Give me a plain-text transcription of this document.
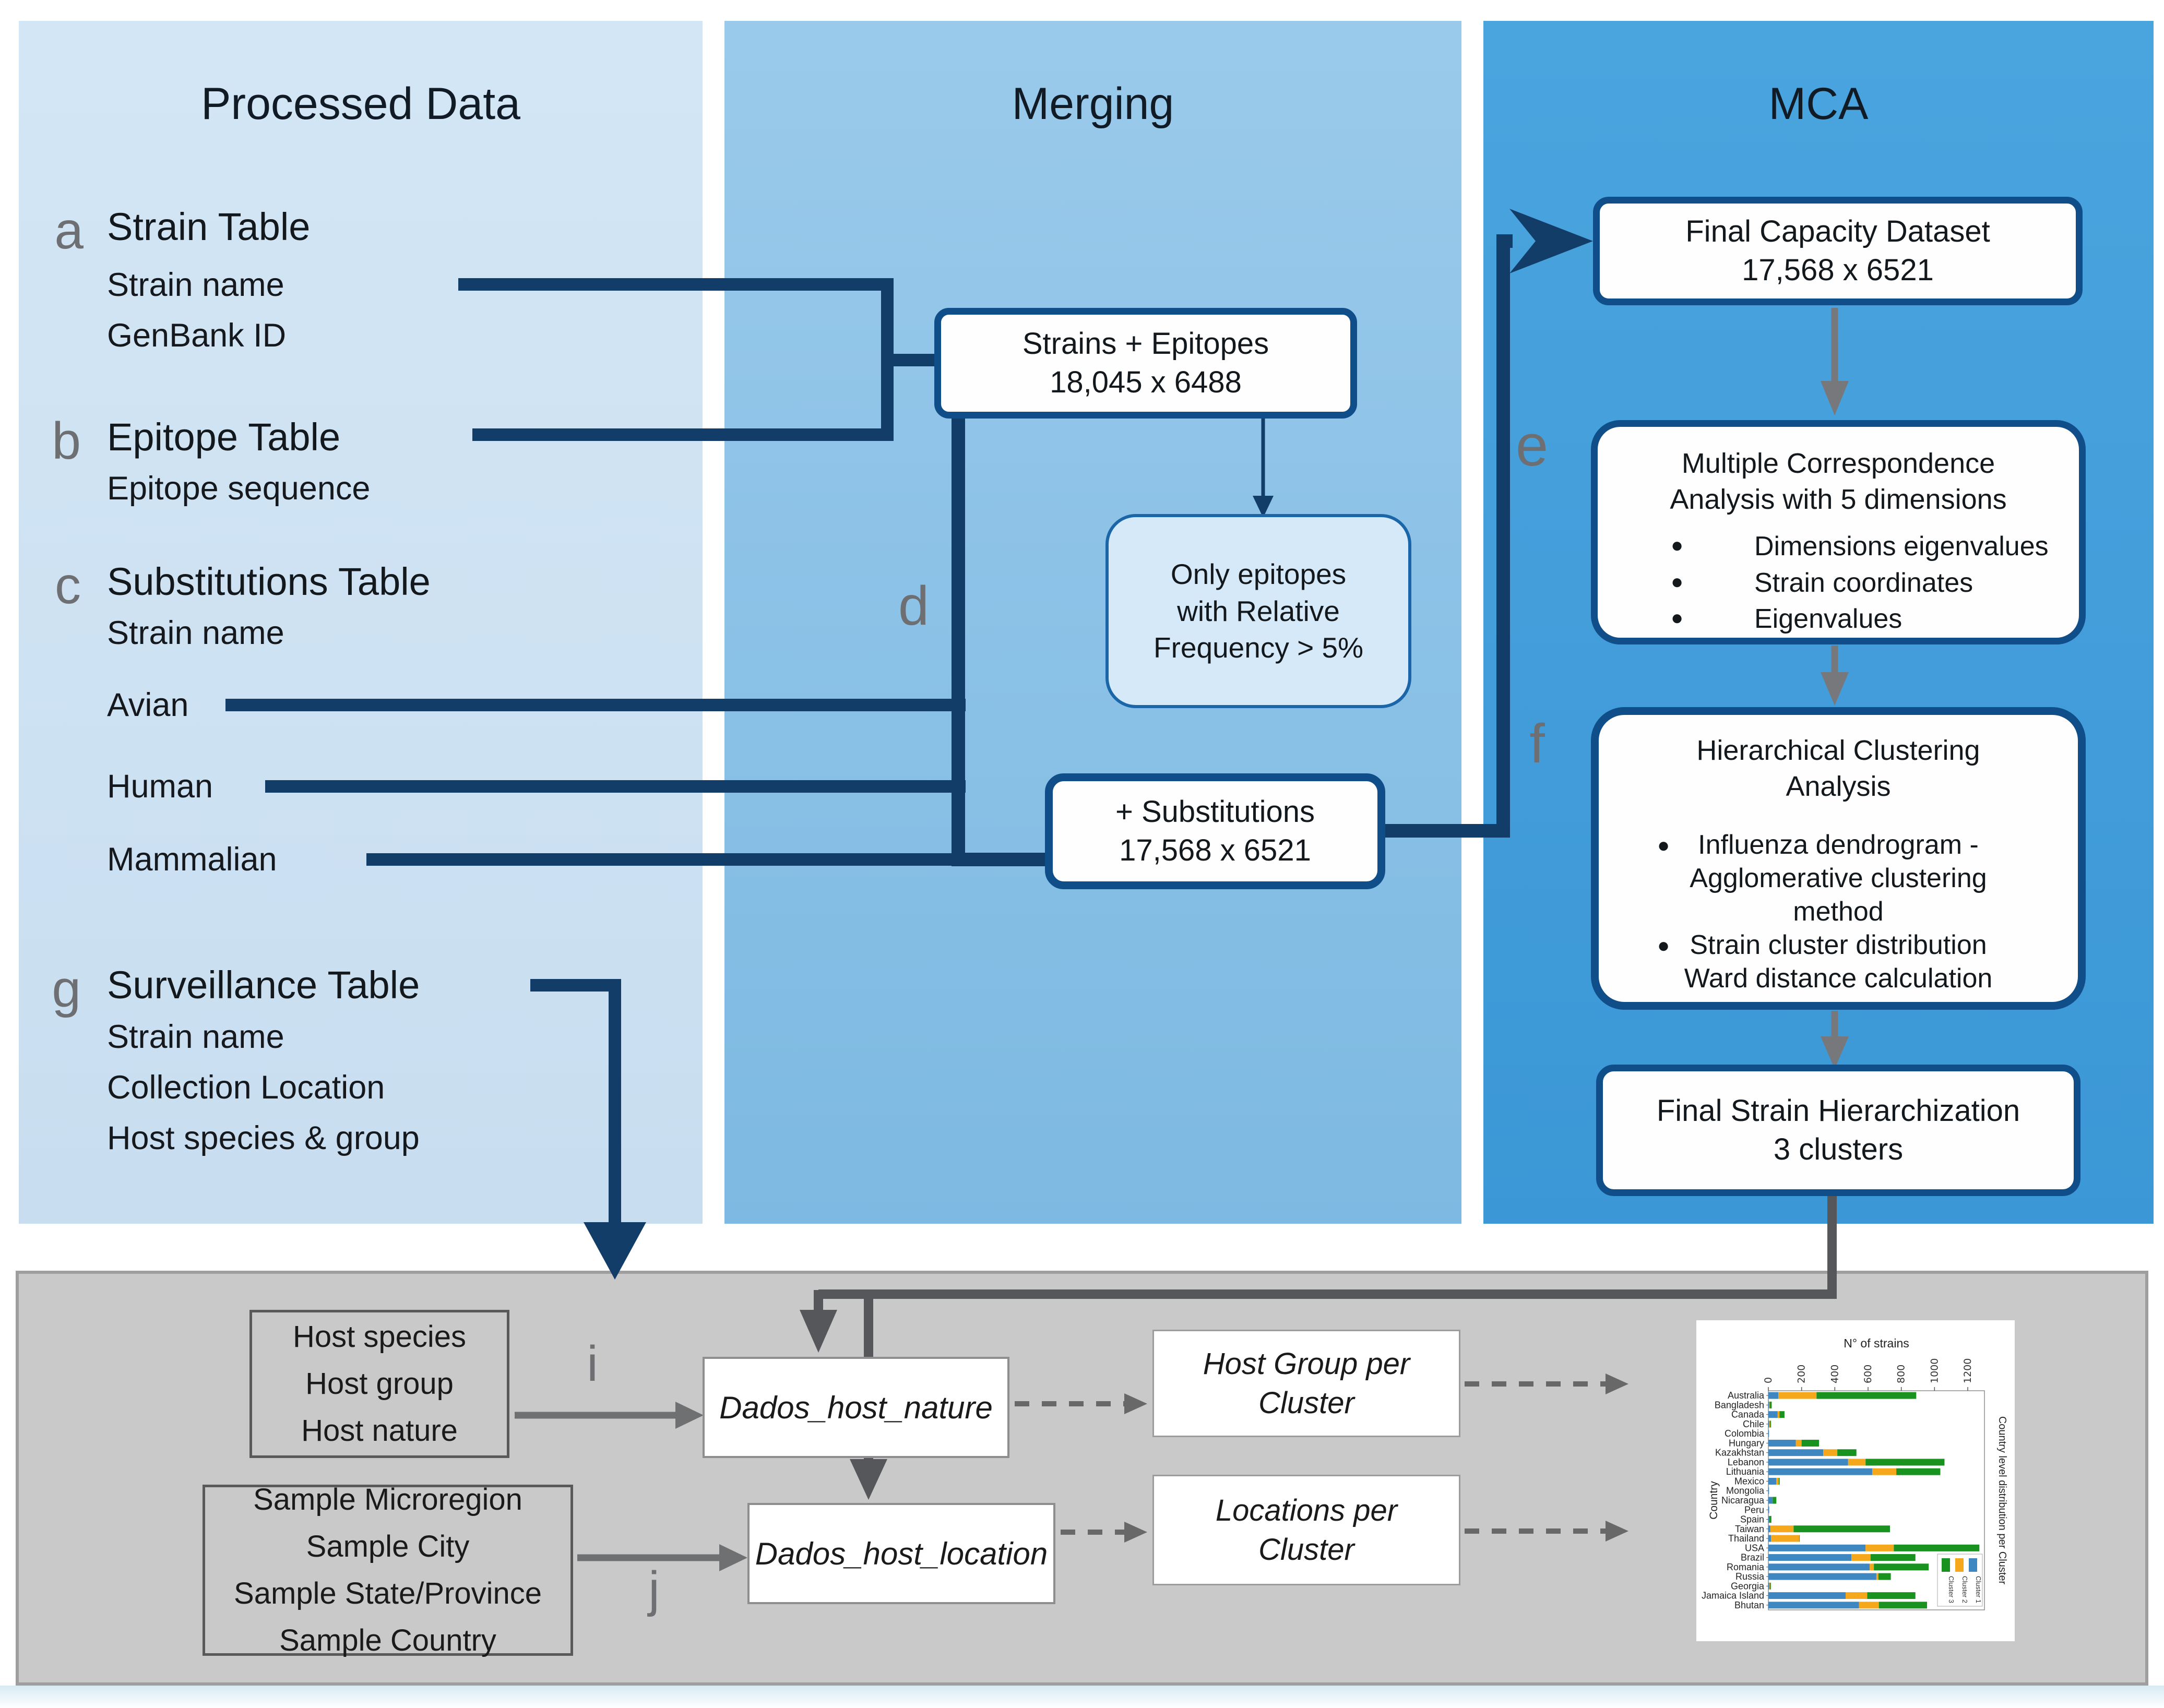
Processed Data	Merging	MCA
a Strain Table
Strain name
GenBank ID
b Epitope Table
Epitope sequence
c Substitutions Table
Strain name
Avian
Human
Mammalian
g Surveillance Table
Strain name
Collection Location
Host species & group
d
Strains + Epitopes
18,045 x 6488
Only epitopes
with Relative
Frequency > 5%
+ Substitutions
17,568 x 6521
Final Capacity Dataset
17,568 x 6521
e	Multiple Correspondence
Analysis with 5 dimensions
●	Dimensions eigenvalues
●	Strain coordinates
●	Eigenvalues
f	Hierarchical Clustering
Analysis
● Influenza dendrogram -
Agglomerative clustering
method
● Strain cluster distribution
Ward distance calculation
Final Strain Hierarchization
3 clusters
Host species
Host group
Host nature
Sample Microregion
Sample City
Sample State/Province
Sample Country
i
j
Dados_host_nature
Dados_host_location
Host Group per
Cluster
Locations per
Cluster
0 200 400 600 800 1000 1200
N° of strains
Country	Country level distribution per Cluster
Australia
Bangladesh
Canada
Chile
Colombia
Hungary
Kazakhstan
Lebanon
Lithuania
Mexico
Mongolia
Nicaragua
Peru
Spain
Taiwan
Thailand
USA
Brazil
Romania
Russia
Georgia
Jamaica Island
Bhutan
Cluster 3 Cluster 2 Cluster 1
